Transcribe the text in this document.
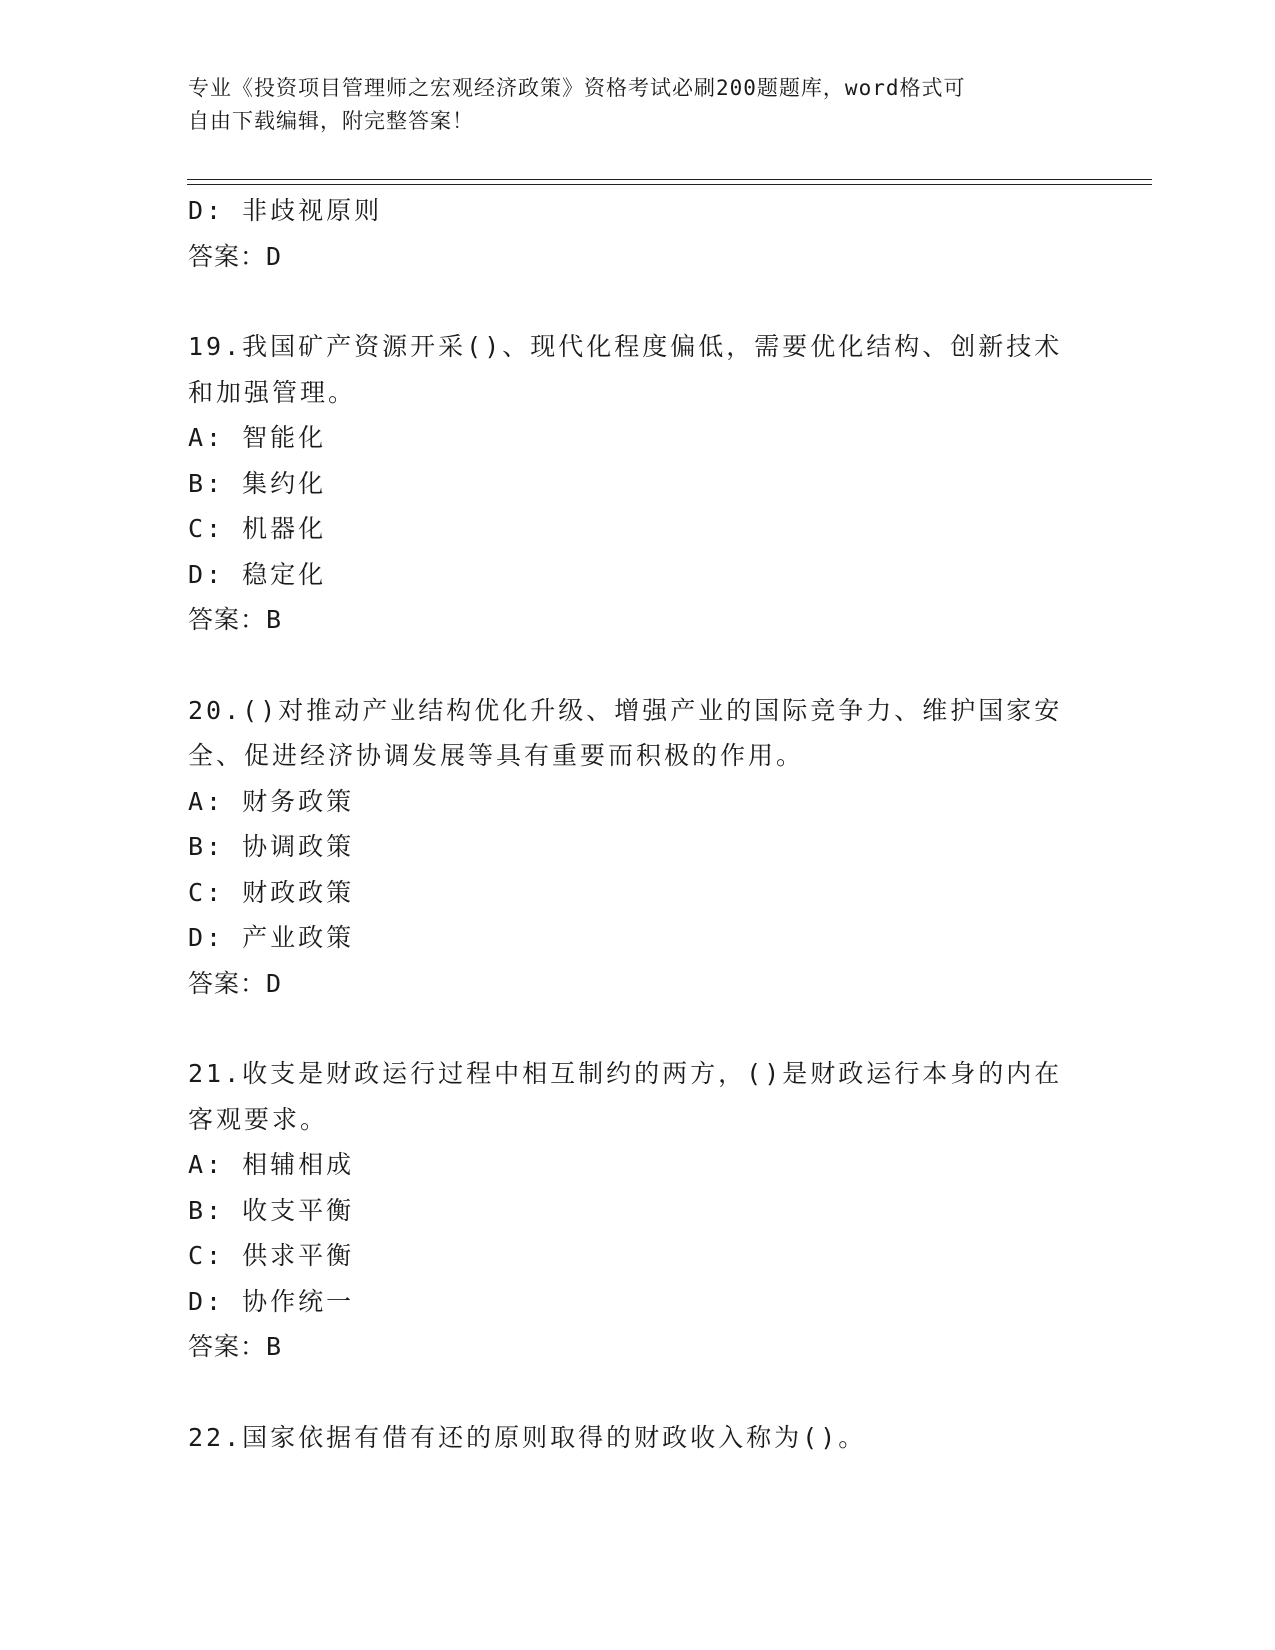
专业《投资项目管理师之宏观经济政策》资格考试必刷200题题库，word格式可
自由下载编辑，附完整答案！
D: 非歧视原则
答案：D
19.我国矿产资源开采()、现代化程度偏低，需要优化结构、创新技术
和加强管理。
A: 智能化
B: 集约化
C: 机器化
D: 稳定化
答案：B
20.()对推动产业结构优化升级、增强产业的国际竞争力、维护国家安
全、促进经济协调发展等具有重要而积极的作用。
A: 财务政策
B: 协调政策
C: 财政政策
D: 产业政策
答案：D
21.收支是财政运行过程中相互制约的两方，()是财政运行本身的内在
客观要求。
A: 相辅相成
B: 收支平衡
C: 供求平衡
D: 协作统一
答案：B
22.国家依据有借有还的原则取得的财政收入称为()。
